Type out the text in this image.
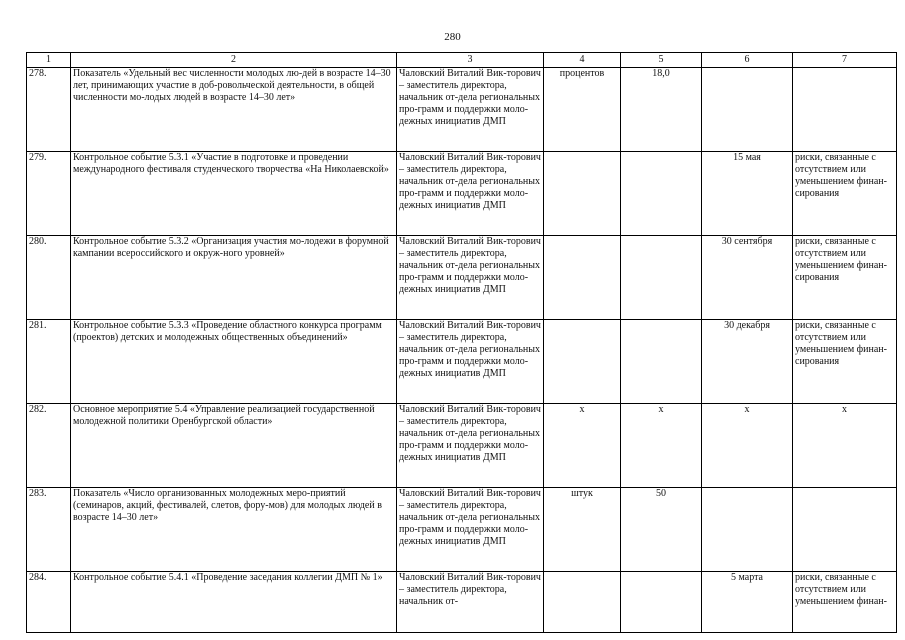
280
1	2	3	4	5	6	7
278.	Показатель «Удельный вес численности молодых лю-дей в возрасте 14–30 лет, принимающих участие в доб-ровольческой деятельности, в общей численности мо-лодых людей в возрасте 14–30 лет»	Чаловский Виталий Вик-торович – заместитель директора, начальник от-дела региональных про-грамм и поддержки моло-дежных инициатив ДМП	процентов	18,0		
279.	Контрольное событие 5.3.1 «Участие в подготовке и проведении международного фестиваля студенческого творчества «На Николаевской»	Чаловский Виталий Вик-торович – заместитель директора, начальник от-дела региональных про-грамм и поддержки моло-дежных инициатив ДМП			15 мая	риски, связанные с отсутствием или уменьшением финан-сирования
280.	Контрольное событие 5.3.2 «Организация участия мо-лодежи в форумной кампании всероссийского и окруж-ного уровней»	Чаловский Виталий Вик-торович – заместитель директора, начальник от-дела региональных про-грамм и поддержки моло-дежных инициатив ДМП			30 сентября	риски, связанные с отсутствием или уменьшением финан-сирования
281.	Контрольное событие 5.3.3 «Проведение областного конкурса программ (проектов) детских и молодежных общественных объединений»	Чаловский Виталий Вик-торович – заместитель директора, начальник от-дела региональных про-грамм и поддержки моло-дежных инициатив ДМП			30 декабря	риски, связанные с отсутствием или уменьшением финан-сирования
282.	Основное мероприятие 5.4 «Управление реализацией государственной молодежной политики Оренбургской области»	Чаловский Виталий Вик-торович – заместитель директора, начальник от-дела региональных про-грамм и поддержки моло-дежных инициатив ДМП	х	х	х	х
283.	Показатель «Число организованных молодежных меро-приятий (семинаров, акций, фестивалей, слетов, фору-мов) для молодых людей в возрасте 14–30 лет»	Чаловский Виталий Вик-торович – заместитель директора, начальник от-дела региональных про-грамм и поддержки моло-дежных инициатив ДМП	штук	50		
284.	Контрольное событие 5.4.1 «Проведение заседания коллегии ДМП № 1»	Чаловский Виталий Вик-торович – заместитель директора, начальник от-			5 марта	риски, связанные с отсутствием или уменьшением финан-
